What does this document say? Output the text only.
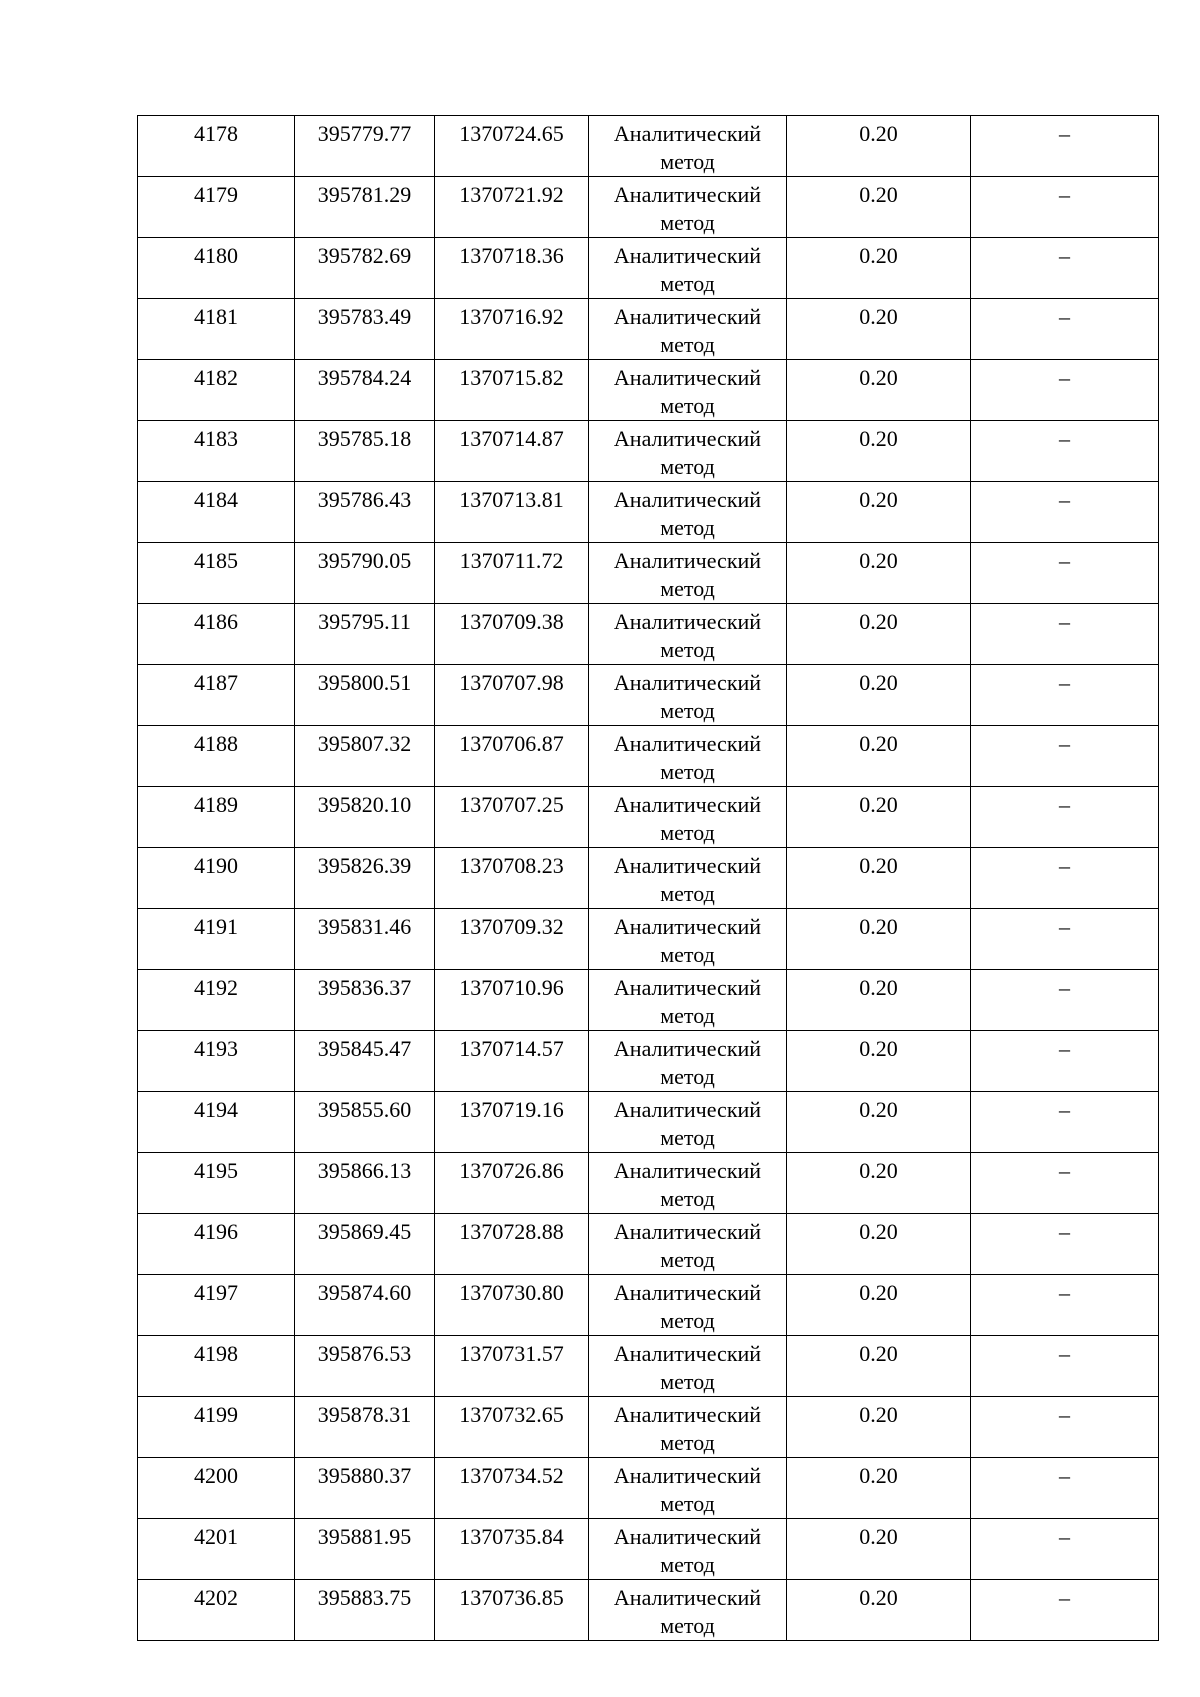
4178	395779.77	1370724.65	Аналитический метод	0.20	–

4179	395781.29	1370721.92	Аналитический метод	0.20	–

4180	395782.69	1370718.36	Аналитический метод	0.20	–

4181	395783.49	1370716.92	Аналитический метод	0.20	–

4182	395784.24	1370715.82	Аналитический метод	0.20	–

4183	395785.18	1370714.87	Аналитический метод	0.20	–

4184	395786.43	1370713.81	Аналитический метод	0.20	–

4185	395790.05	1370711.72	Аналитический метод	0.20	–

4186	395795.11	1370709.38	Аналитический метод	0.20	–

4187	395800.51	1370707.98	Аналитический метод	0.20	–

4188	395807.32	1370706.87	Аналитический метод	0.20	–

4189	395820.10	1370707.25	Аналитический метод	0.20	–

4190	395826.39	1370708.23	Аналитический метод	0.20	–

4191	395831.46	1370709.32	Аналитический метод	0.20	–

4192	395836.37	1370710.96	Аналитический метод	0.20	–

4193	395845.47	1370714.57	Аналитический метод	0.20	–

4194	395855.60	1370719.16	Аналитический метод	0.20	–

4195	395866.13	1370726.86	Аналитический метод	0.20	–

4196	395869.45	1370728.88	Аналитический метод	0.20	–

4197	395874.60	1370730.80	Аналитический метод	0.20	–

4198	395876.53	1370731.57	Аналитический метод	0.20	–

4199	395878.31	1370732.65	Аналитический метод	0.20	–

4200	395880.37	1370734.52	Аналитический метод	0.20	–

4201	395881.95	1370735.84	Аналитический метод	0.20	–

4202	395883.75	1370736.85	Аналитический метод	0.20	–
